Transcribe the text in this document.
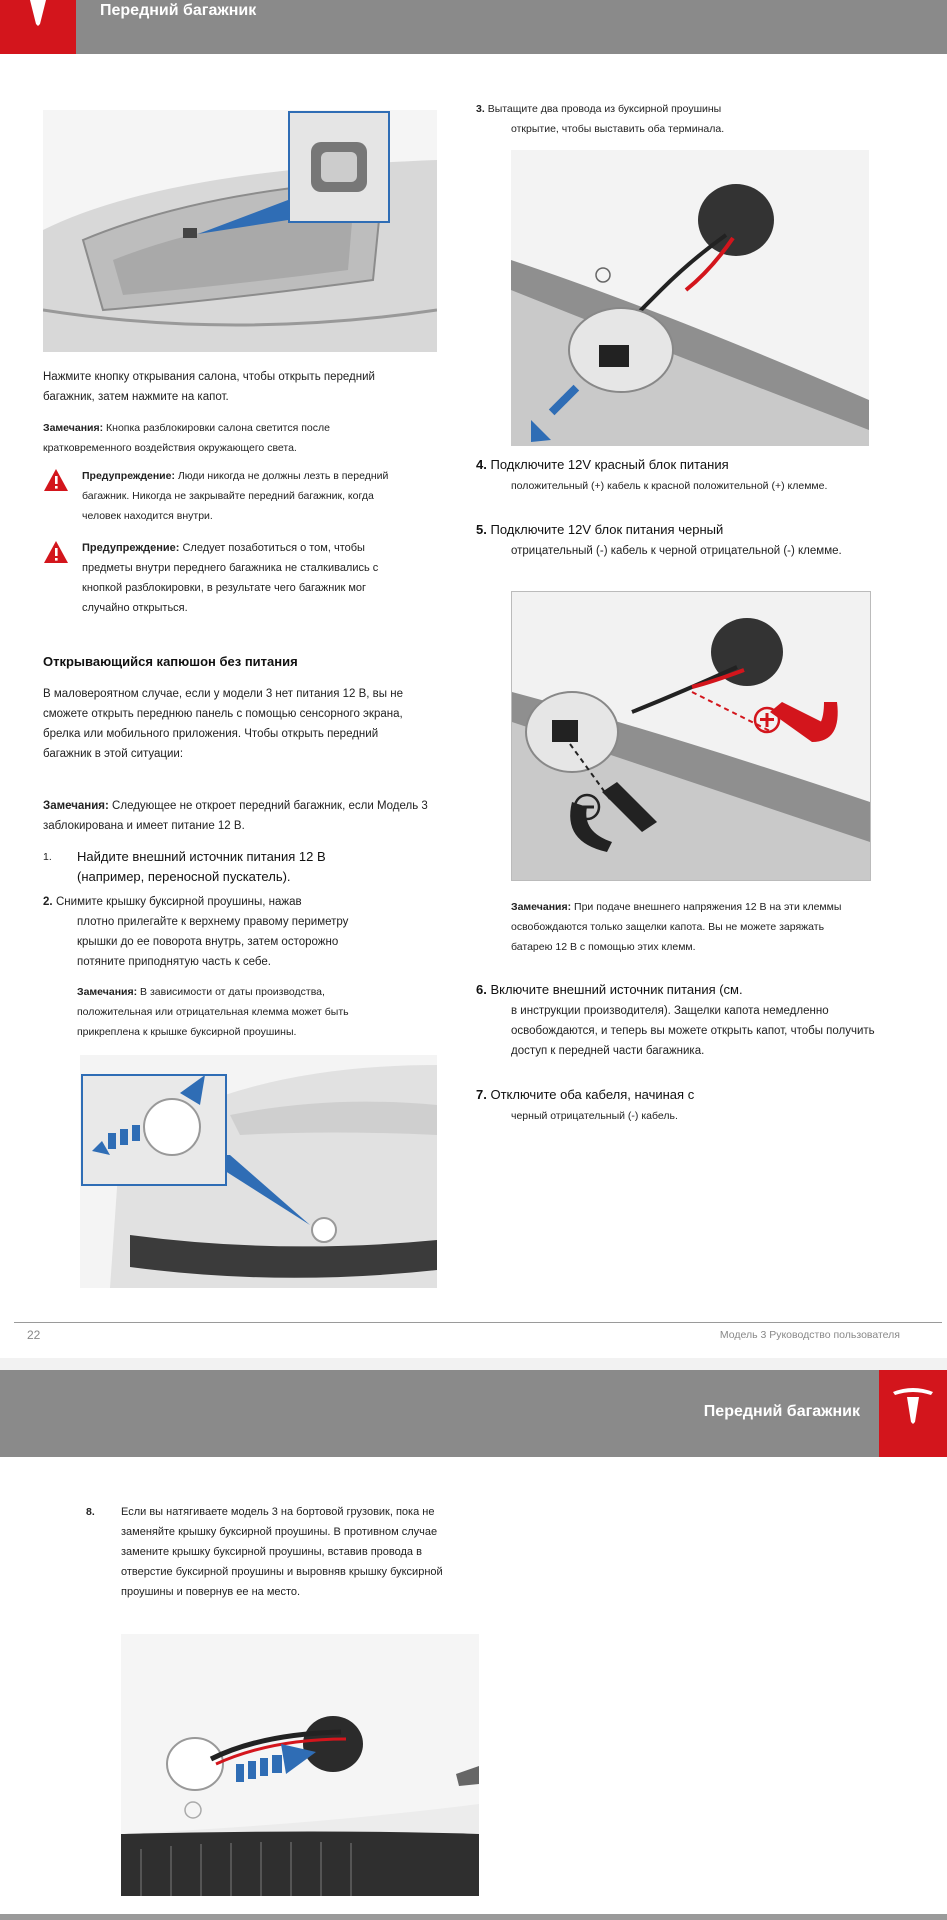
Передний багажник
Нажмите кнопку открывания салона, чтобы открыть передний багажник, затем нажмите на капот.
Замечания: Кнопка разблокировки салона светится после кратковременного воздействия окружающего света.
Предупреждение: Люди никогда не должны лезть в передний багажник. Никогда не закрывайте передний багажник, когда человек находится внутри.
Предупреждение: Следует позаботиться о том, чтобы предметы внутри переднего багажника не сталкивались с кнопкой разблокировки, в результате чего багажник мог случайно открыться.
Открывающийся капюшон без питания
В маловероятном случае, если у модели 3 нет питания 12 В, вы не сможете открыть переднюю панель с помощью сенсорного экрана, брелка или мобильного приложения. Чтобы открыть передний багажник в этой ситуации:
Замечания: Следующее не откроет передний багажник, если Модель 3 заблокирована и имеет питание 12 В.
1. Найдите внешний источник питания 12 В (например, переносной пускатель).
2. Снимите крышку буксирной проушины, нажав
плотно прилегайте к верхнему правому периметру крышки до ее поворота внутрь, затем осторожно потяните приподнятую часть к себе.
Замечания: В зависимости от даты производства, положительная или отрицательная клемма может быть прикреплена к крышке буксирной проушины.
3. Вытащите два провода из буксирной проушины
открытие, чтобы выставить оба терминала.
4. Подключите 12V красный блок питания
положительный (+) кабель к красной положительной (+) клемме.
5. Подключите 12V блок питания черный
отрицательный (-) кабель к черной отрицательной (-) клемме.
Замечания: При подаче внешнего напряжения 12 В на эти клеммы освобождаются только защелки капота. Вы не можете заряжать батарею 12 В с помощью этих клемм.
6. Включите внешний источник питания (см.
в инструкции производителя). Защелки капота немедленно освобождаются, и теперь вы можете открыть капот, чтобы получить доступ к передней части багажника.
7. Отключите оба кабеля, начиная с
черный отрицательный (-) кабель.
22	Модель 3 Руководство пользователя
Передний багажник
8. Если вы натягиваете модель 3 на бортовой грузовик, пока не заменяйте крышку буксирной проушины. В противном случае замените крышку буксирной проушины, вставив провода в отверстие буксирной проушины и выровняв крышку буксирной проушины и повернув ее на место.
